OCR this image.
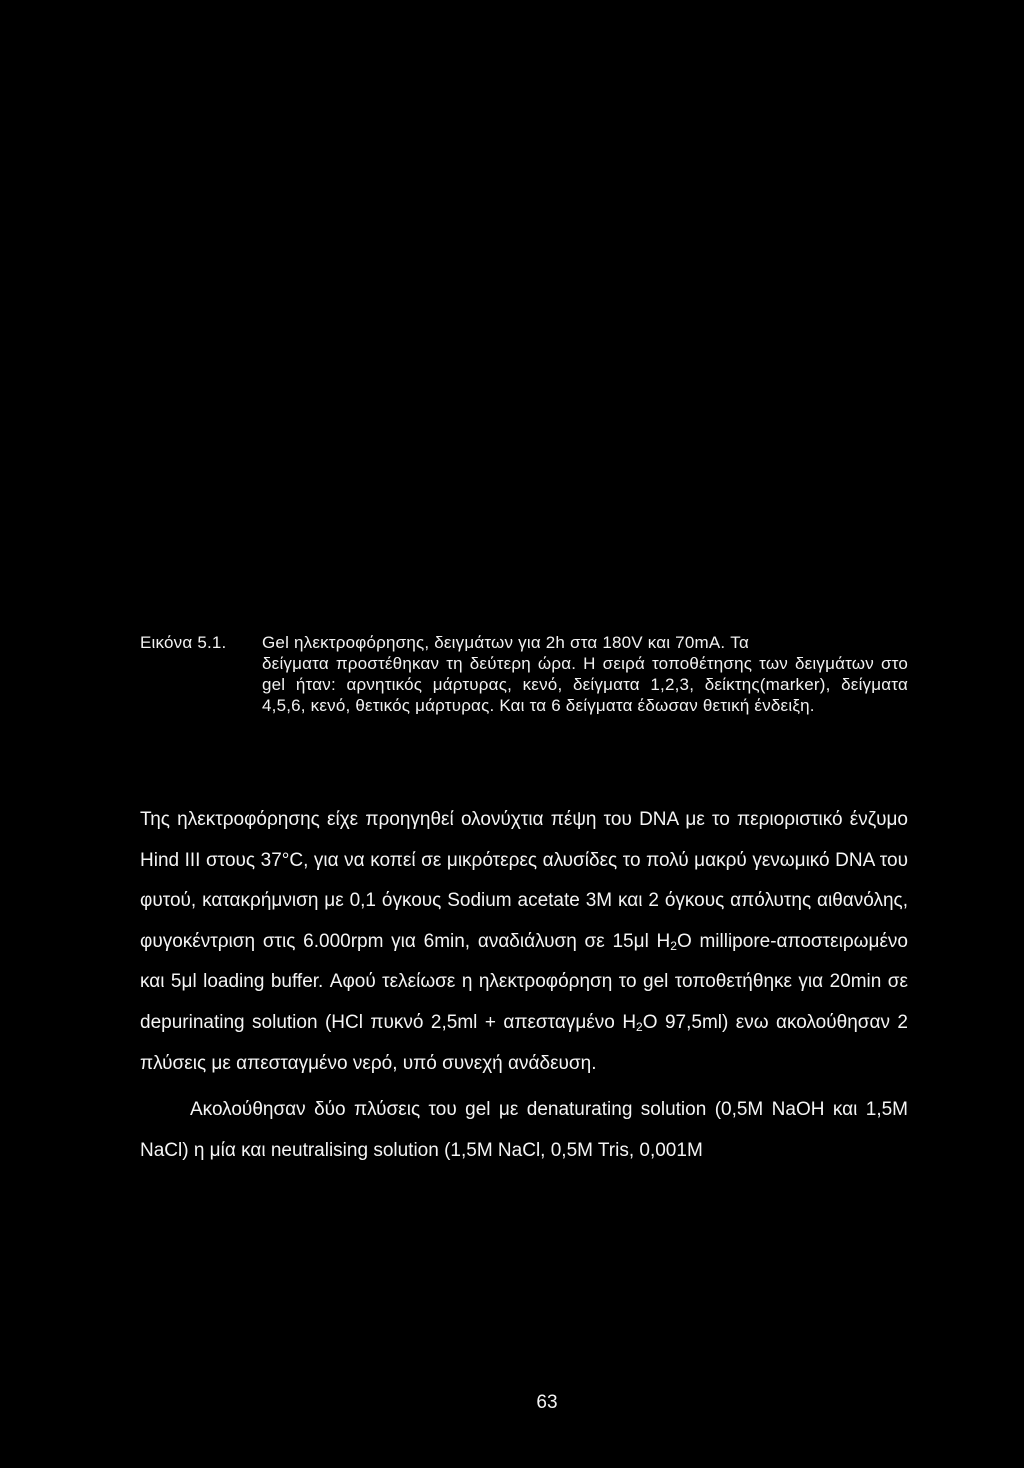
Εικόνα 5.1.	Gel ηλεκτροφόρησης, δειγμάτων για 2h στα 180V και 70mA. Τα
δείγματα προστέθηκαν τη δεύτερη ώρα. Η σειρά τοποθέτησης των δειγμάτων στο gel ήταν: αρνητικός μάρτυρας, κενό, δείγματα 1,2,3, δείκτης(marker), δείγματα 4,5,6, κενό, θετικός μάρτυρας. Και τα 6 δείγματα έδωσαν θετική ένδειξη.

Της ηλεκτροφόρησης είχε προηγηθεί ολονύχτια πέψη του DNA με το περιοριστικό ένζυμο Hind III στους 37°C, για να κοπεί σε μικρότερες αλυσίδες το πολύ μακρύ γενωμικό DNA του φυτού, κατακρήμνιση με 0,1 όγκους Sodium acetate 3M και 2 όγκους απόλυτης αιθανόλης, φυγοκέντριση στις 6.000rpm για 6min, αναδιάλυση σε 15μl $H_2O$ millipore-αποστειρωμένο και 5μl loading buffer. Αφού τελείωσε η ηλεκτροφόρηση το gel τοποθετήθηκε για 20min σε depurinating solution (HCl πυκνό 2,5ml + απεσταγμένο $H_2O$ 97,5ml) ενω ακολούθησαν 2 πλύσεις με απεσταγμένο νερό, υπό συνεχή ανάδευση.

Ακολούθησαν δύο πλύσεις του gel με denaturating solution (0,5M NaOH και 1,5M NaCl) η μία και neutralising solution (1,5M NaCl, 0,5M Tris, 0,001M

63
